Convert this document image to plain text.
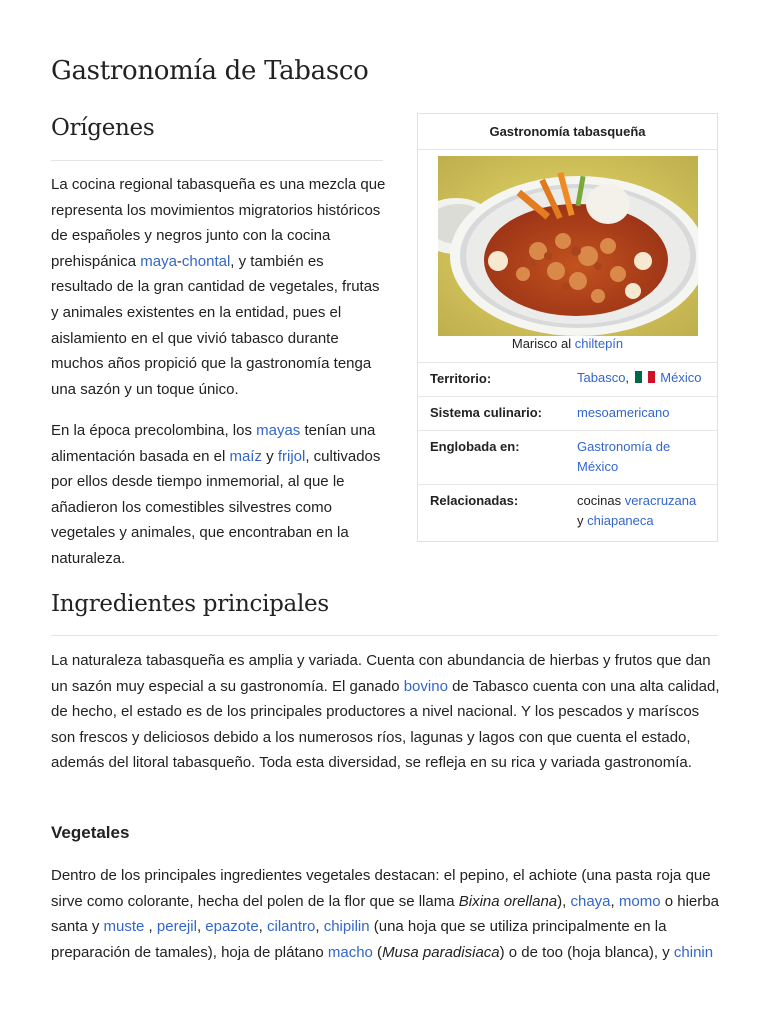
Gastronomía de Tabasco
Orígenes

La cocina regional tabasqueña es una mezcla que representa los movimientos migratorios históricos de españoles y negros junto con la cocina prehispánica maya-chontal, y también es resultado de la gran cantidad de vegetales, frutas y animales existentes en la entidad, pues el aislamiento en el que vivió tabasco durante muchos años propició que la gastronomía tenga una sazón y un toque único.

En la época precolombina, los mayas tenían una alimentación basada en el maíz y frijol, cultivados por ellos desde tiempo inmemorial, al que le añadieron los comestibles silvestres como vegetales y animales, que encontraban en la naturaleza.

Gastronomía tabasqueña
Marisco al chiltepín
Territorio:	Tabasco, México
Sistema culinario:	mesoamericano
Englobada en:	Gastronomía de México
Relacionadas:	cocinas veracruzana
y chiapaneca
Ingredientes principales

La naturaleza tabasqueña es amplia y variada. Cuenta con abundancia de hierbas y frutos que dan un sazón muy especial a su gastronomía. El ganado bovino de Tabasco cuenta con una alta calidad, de hecho, el estado es de los principales productores a nivel nacional. Y los pescados y maríscos son frescos y deliciosos debido a los numerosos ríos, lagunas y lagos con que cuenta el estado, además del litoral tabasqueño. Toda esta diversidad, se refleja en su rica y variada gastronomía.

Vegetales

Dentro de los principales ingredientes vegetales destacan: el pepino, el achiote (una pasta roja que sirve como colorante, hecha del polen de la flor que se llama Bixina orellana), chaya, momo o hierba santa y muste , perejil, epazote, cilantro, chipilin (una hoja que se utiliza principalmente en la preparación de tamales), hoja de plátano macho (Musa paradisiaca) o de too (hoja blanca), y chinin
